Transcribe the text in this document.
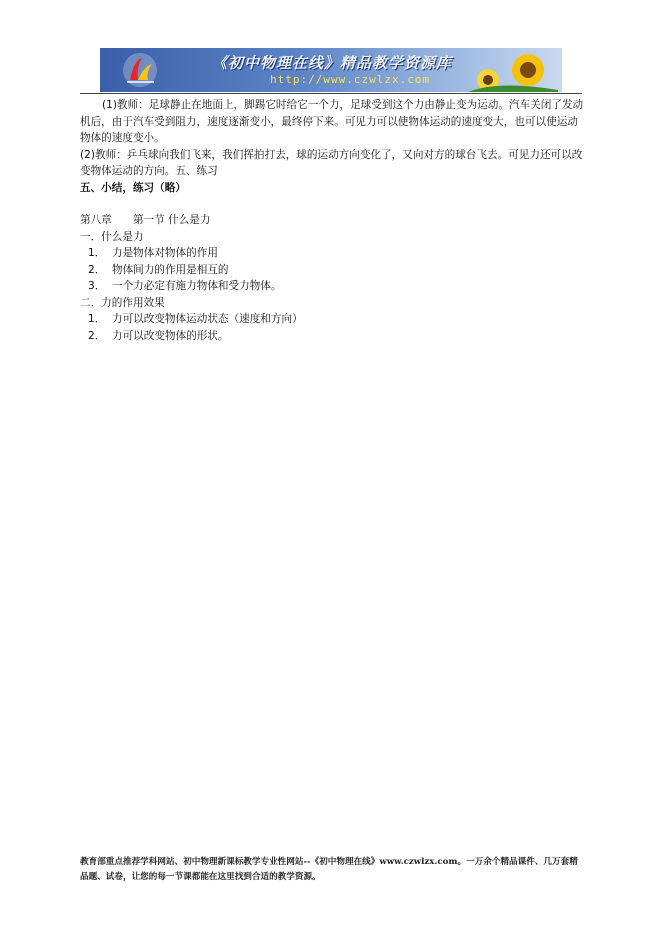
《初中物理在线》精品教学资源库
http://www.czwlzx.com

(1)教师：足球静止在地面上，脚踢它时给它一个力，足球受到这个力由静止变为运动。汽车关闭了发动机后，由于汽车受到阻力，速度逐渐变小，最终停下来。可见力可以使物体运动的速度变大，也可以使运动物体的速度变小。

(2)教师：乒乓球向我们飞来，我们挥拍打去，球的运动方向变化了，又向对方的球台飞去。可见力还可以改变物体运动的方向。五、练习

五、小结，练习（略）

第八章　　第一节 什么是力

一．什么是力

1． 力是物体对物体的作用

2． 物体间力的作用是相互的

3． 一个力必定有施力物体和受力物体。

二．力的作用效果

1． 力可以改变物体运动状态（速度和方向）

2． 力可以改变物体的形状。

教育部重点推荐学科网站、初中物理新课标教学专业性网站--《初中物理在线》www.czwlzx.com。一万余个精品课件、几万套精品题、试卷，让您的每一节课都能在这里找到合适的教学资源。
